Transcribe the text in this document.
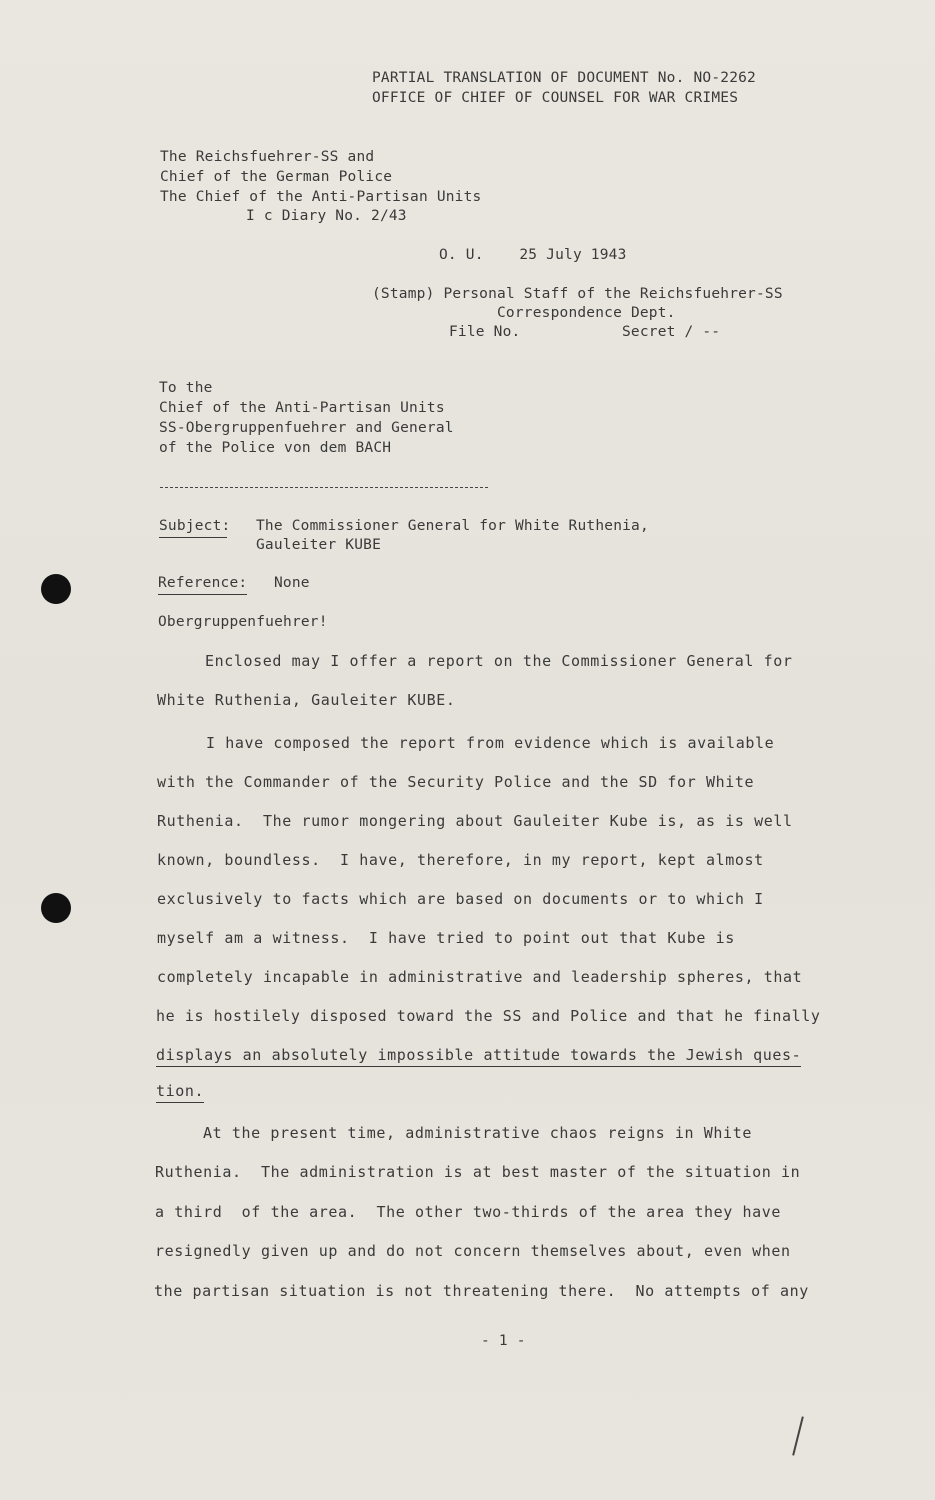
PARTIAL TRANSLATION OF DOCUMENT No. NO-2262
OFFICE OF CHIEF OF COUNSEL FOR WAR CRIMES
The Reichsfuehrer-SS and
Chief of the German Police
The Chief of the Anti-Partisan Units
I c Diary No. 2/43
O. U.    25 July 1943
(Stamp) Personal Staff of the Reichsfuehrer-SS
Correspondence Dept.
File No.	Secret / --
To the
Chief of the Anti-Partisan Units
SS-Obergruppenfuehrer and General
of the Police von dem BACH
Subject: The Commissioner General for White Ruthenia,
Gauleiter KUBE
Reference: None
Obergruppenfuehrer!
Enclosed may I offer a report on the Commissioner General for
White Ruthenia, Gauleiter KUBE.
I have composed the report from evidence which is available
with the Commander of the Security Police and the SD for White
Ruthenia.  The rumor mongering about Gauleiter Kube is, as is well
known, boundless.  I have, therefore, in my report, kept almost
exclusively to facts which are based on documents or to which I
myself am a witness.  I have tried to point out that Kube is
completely incapable in administrative and leadership spheres, that
he is hostilely disposed toward the SS and Police and that he finally
displays an absolutely impossible attitude towards the Jewish ques-
tion.
At the present time, administrative chaos reigns in White
Ruthenia.  The administration is at best master of the situation in
a third  of the area.  The other two-thirds of the area they have
resignedly given up and do not concern themselves about, even when
the partisan situation is not threatening there.  No attempts of any
- 1 -
